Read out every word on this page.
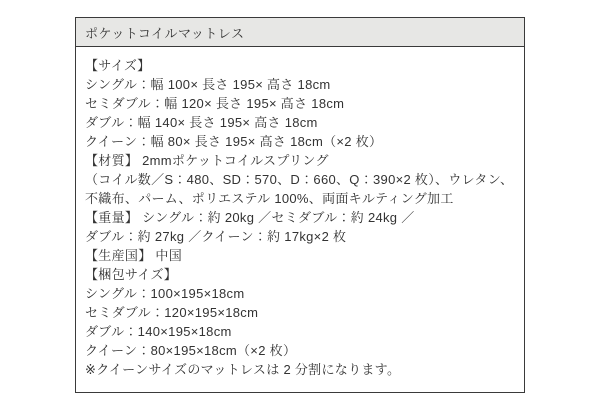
ポケットコイルマットレス
【サイズ】
シングル：幅 100× 長さ 195× 高さ 18cm
セミダブル：幅 120× 長さ 195× 高さ 18cm
ダブル：幅 140× 長さ 195× 高さ 18cm
クイーン：幅 80× 長さ 195× 高さ 18cm（×2 枚）
【材質】 2mmポケットコイルスプリング
（コイル数／S：480、SD：570、D：660、Q：390×2 枚）、ウレタン、
不織布、パーム、ポリエステル 100%、両面キルティング加工
【重量】 シングル：約 20kg ／セミダブル：約 24kg ／
ダブル：約 27kg ／クイーン：約 17kg×2 枚
【生産国】 中国
【梱包サイズ】
シングル：100×195×18cm
セミダブル：120×195×18cm
ダブル：140×195×18cm
クイーン：80×195×18cm（×2 枚）
※クイーンサイズのマットレスは 2 分割になります。
